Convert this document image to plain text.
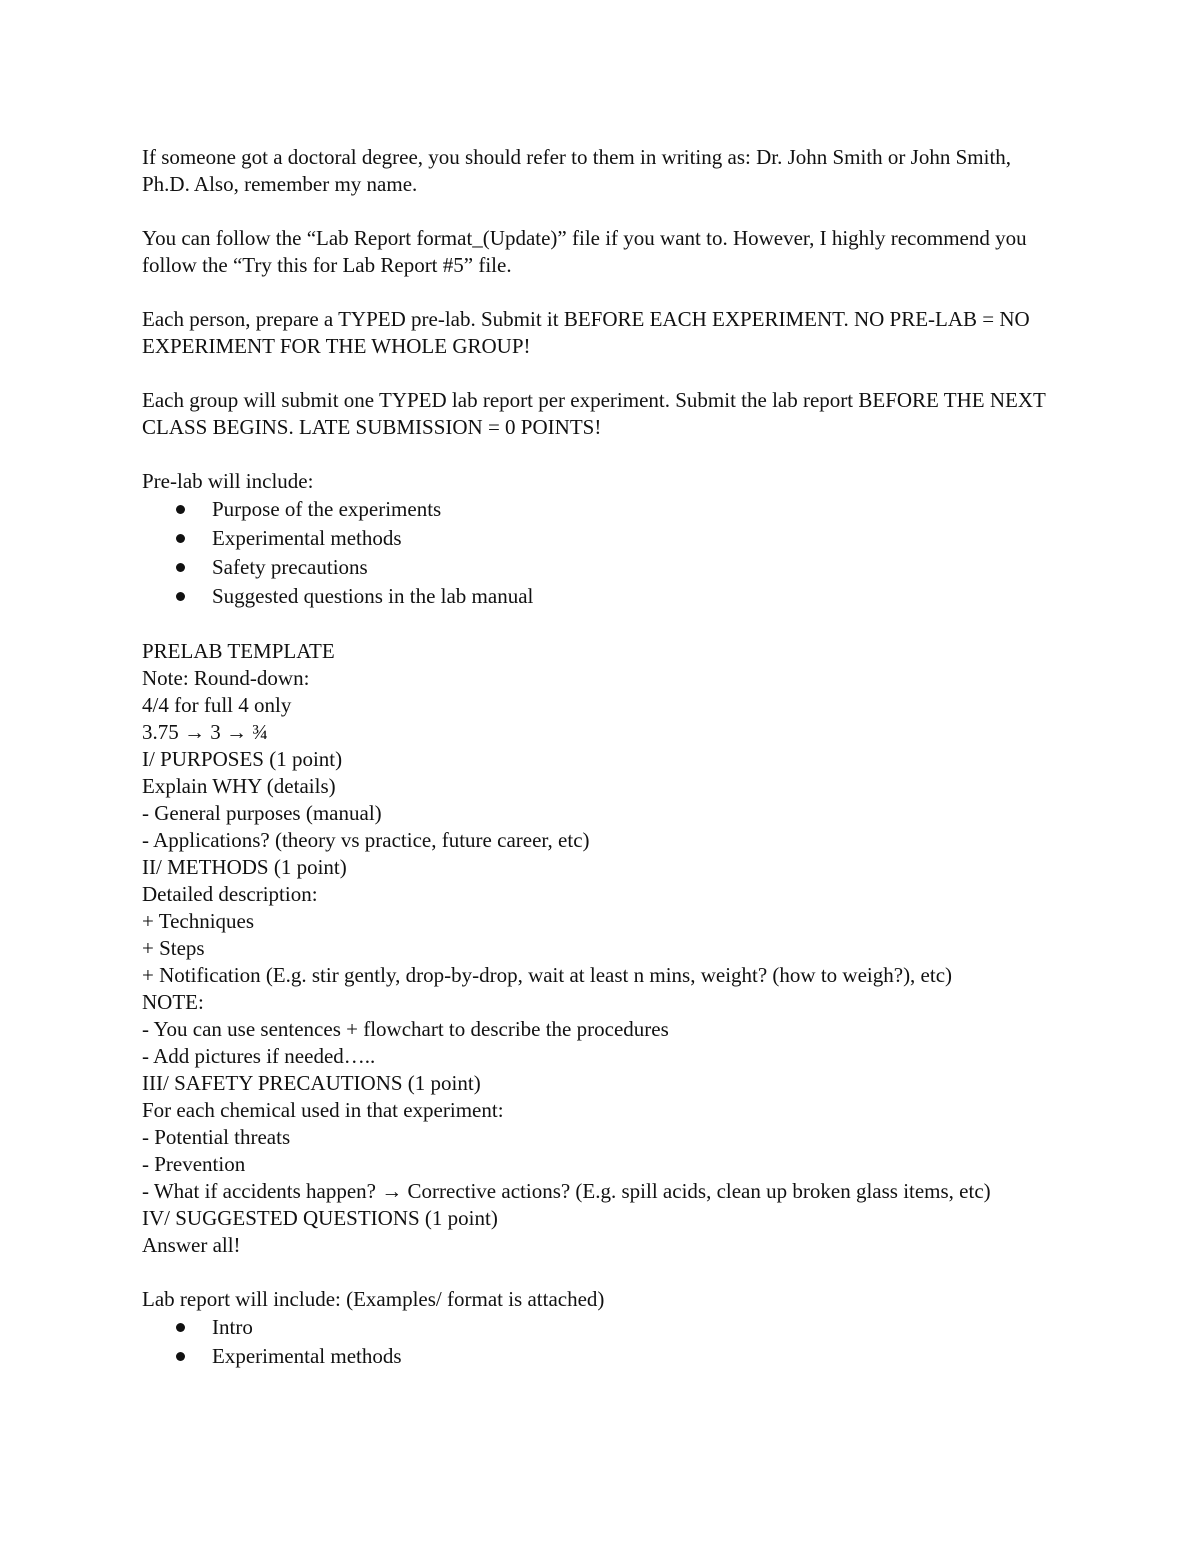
If someone got a doctoral degree, you should refer to them in writing as: Dr. John Smith or John Smith, Ph.D. Also, remember my name.

You can follow the “Lab Report format_(Update)” file if you want to. However, I highly recommend you follow the “Try this for Lab Report #5” file.

Each person, prepare a TYPED pre-lab. Submit it BEFORE EACH EXPERIMENT. NO PRE-LAB = NO EXPERIMENT FOR THE WHOLE GROUP!

Each group will submit one TYPED lab report per experiment. Submit the lab report BEFORE THE NEXT CLASS BEGINS. LATE SUBMISSION = 0 POINTS!

Pre-lab will include:
Purpose of the experiments
Experimental methods
Safety precautions
Suggested questions in the lab manual
PRELAB TEMPLATE
Note: Round-down:
4/4 for full 4 only
3.75 → 3 → ¾
I/ PURPOSES (1 point)
Explain WHY (details)
- General purposes (manual)
- Applications? (theory vs practice, future career, etc)
II/ METHODS (1 point)
Detailed description:
+ Techniques
+ Steps
+ Notification (E.g. stir gently, drop-by-drop, wait at least n mins, weight? (how to weigh?), etc)
NOTE:
- You can use sentences + flowchart to describe the procedures
- Add pictures if needed…..
III/ SAFETY PRECAUTIONS (1 point)
For each chemical used in that experiment:
- Potential threats
- Prevention
- What if accidents happen? → Corrective actions? (E.g. spill acids, clean up broken glass items, etc)
IV/ SUGGESTED QUESTIONS (1 point)
Answer all!
Lab report will include: (Examples/ format is attached)
Intro
Experimental methods
